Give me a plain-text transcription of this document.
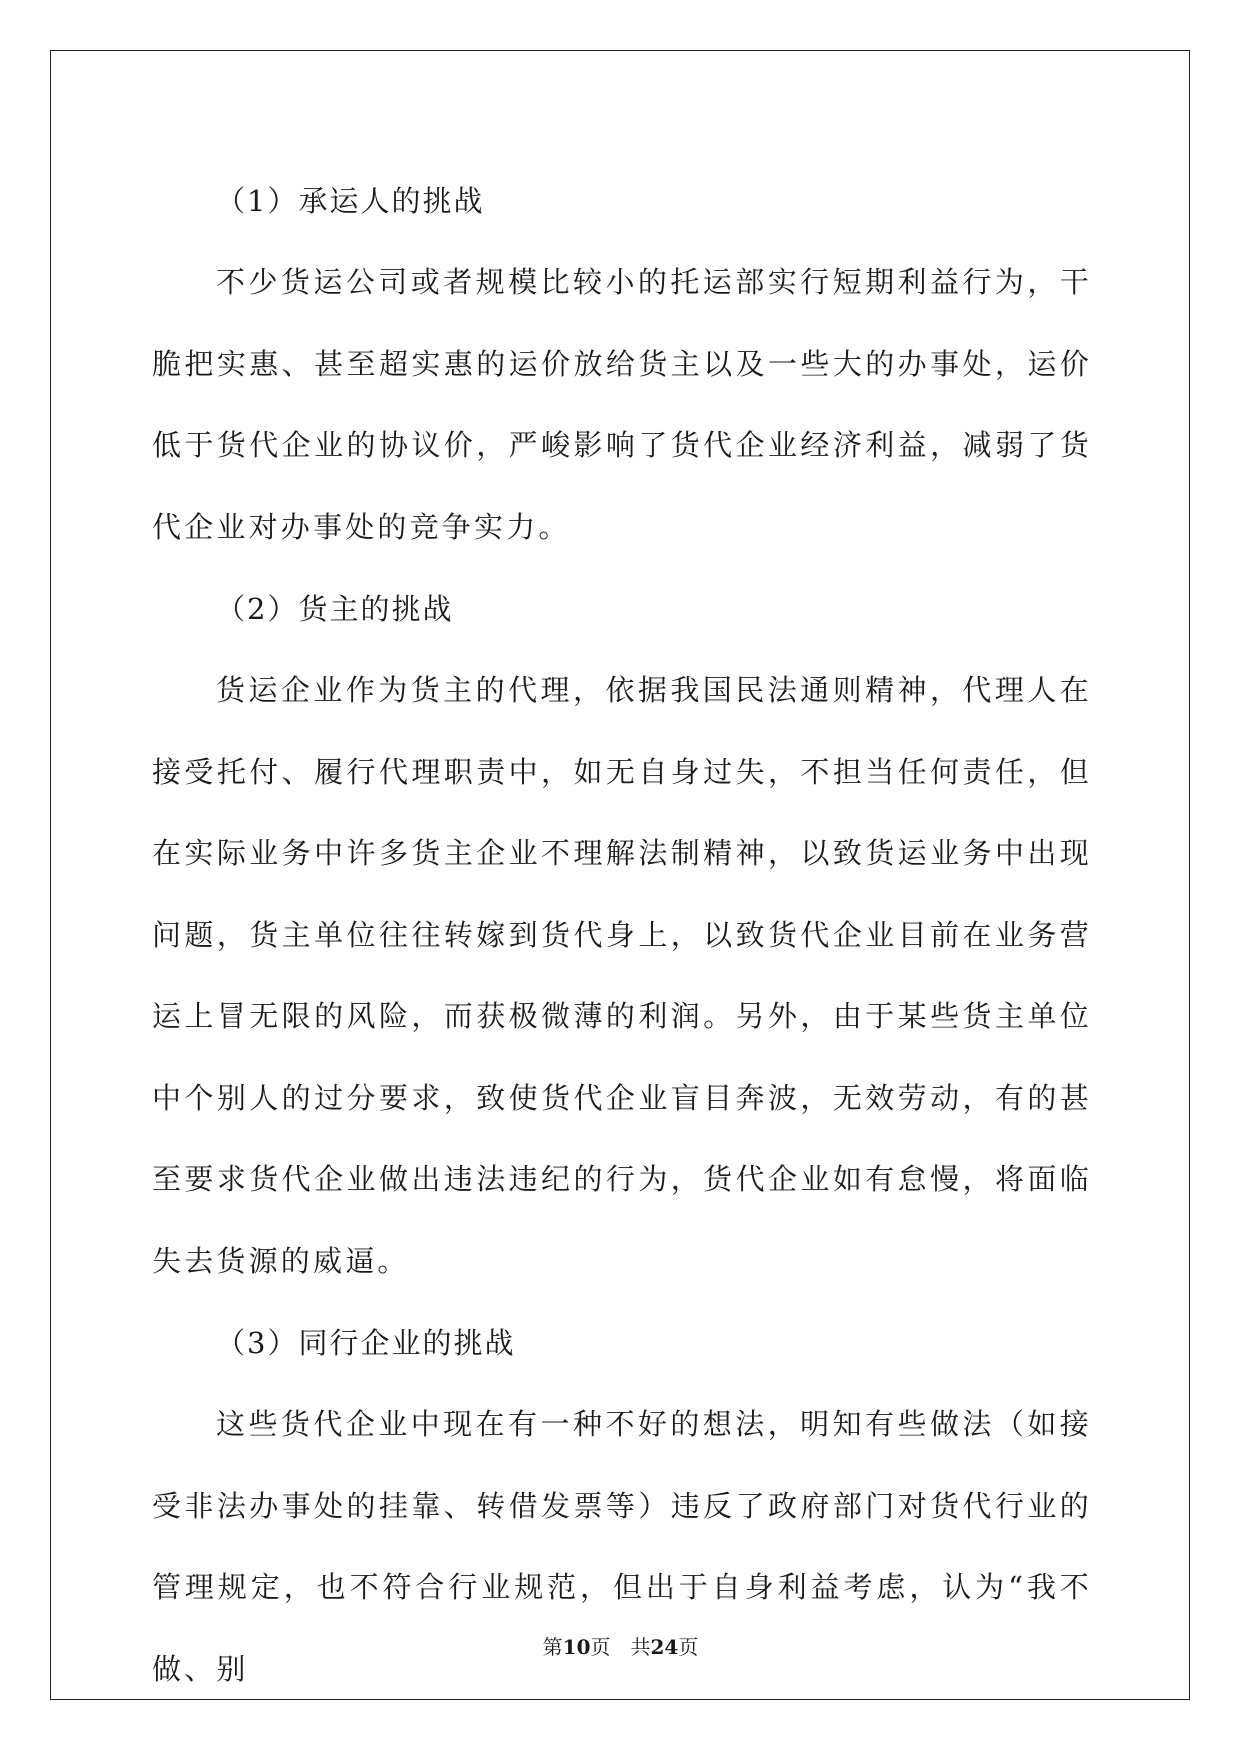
（1）承运人的挑战

不少货运公司或者规模比较小的托运部实行短期利益行为，干脆把实惠、甚至超实惠的运价放给货主以及一些大的办事处，运价低于货代企业的协议价，严峻影响了货代企业经济利益，减弱了货代企业对办事处的竞争实力。

（2）货主的挑战

货运企业作为货主的代理，依据我国民法通则精神，代理人在接受托付、履行代理职责中，如无自身过失，不担当任何责任，但在实际业务中许多货主企业不理解法制精神，以致货运业务中出现问题，货主单位往往转嫁到货代身上，以致货代企业目前在业务营运上冒无限的风险，而获极微薄的利润。另外，由于某些货主单位中个别人的过分要求，致使货代企业盲目奔波，无效劳动，有的甚至要求货代企业做出违法违纪的行为，货代企业如有怠慢，将面临失去货源的威逼。

（3）同行企业的挑战

这些货代企业中现在有一种不好的想法，明知有些做法（如接受非法办事处的挂靠、转借发票等）违反了政府部门对货代行业的管理规定，也不符合行业规范，但出于自身利益考虑，认为“我不做、别

第10页　共24页
